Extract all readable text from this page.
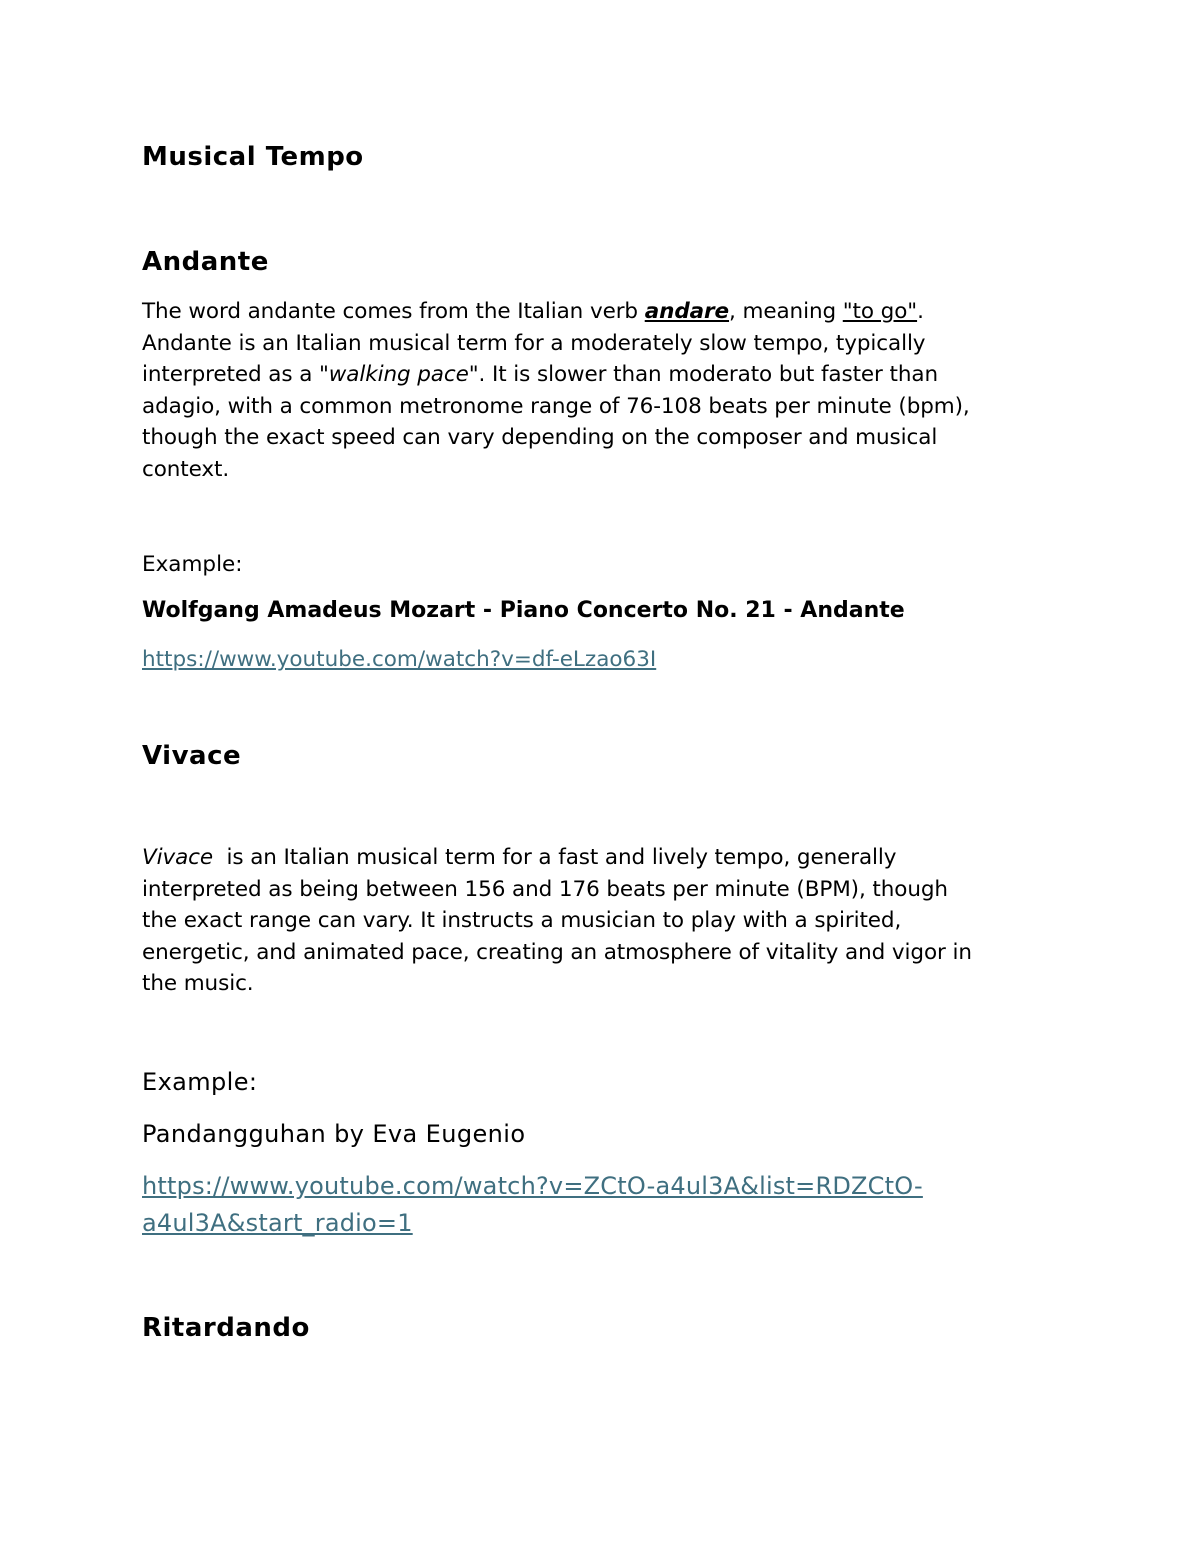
Musical Tempo
Andante
The word andante comes from the Italian verb andare, meaning "to go".
Andante is an Italian musical term for a moderately slow tempo, typically
interpreted as a "walking pace". It is slower than moderato but faster than
adagio, with a common metronome range of 76-108 beats per minute (bpm),
though the exact speed can vary depending on the composer and musical
context.
Example:
Wolfgang Amadeus Mozart - Piano Concerto No. 21 - Andante
https://www.youtube.com/watch?v=df-eLzao63I
Vivace
Vivace  is an Italian musical term for a fast and lively tempo, generally
interpreted as being between 156 and 176 beats per minute (BPM), though
the exact range can vary. It instructs a musician to play with a spirited,
energetic, and animated pace, creating an atmosphere of vitality and vigor in
the music.
Example:
Pandangguhan by Eva Eugenio
https://www.youtube.com/watch?v=ZCtO-a4ul3A&list=RDZCtO-
a4ul3A&start_radio=1
Ritardando
